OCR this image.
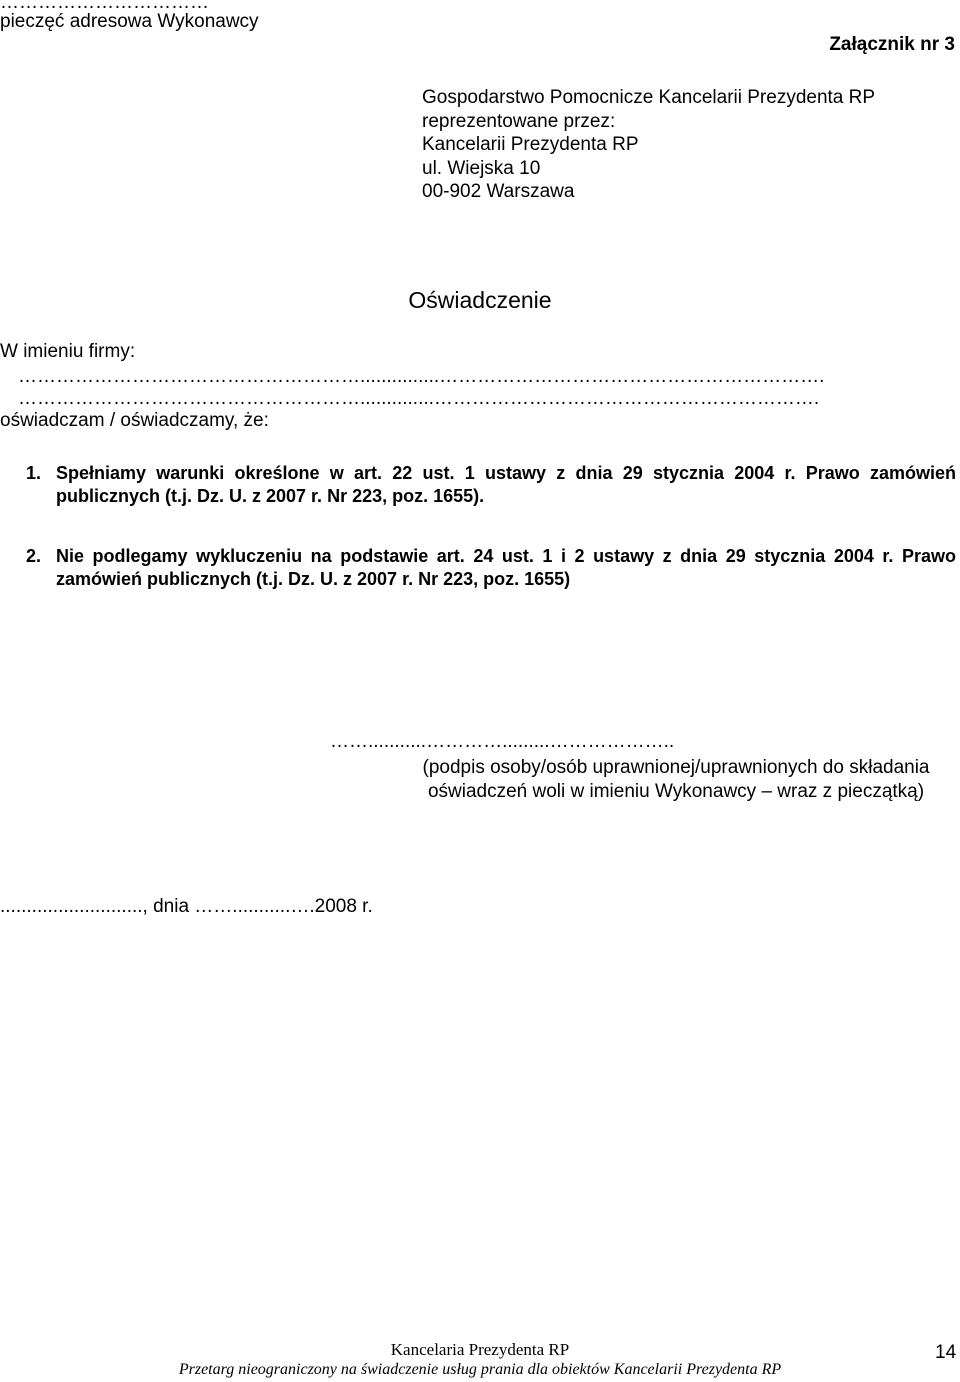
……………………………
pieczęć adresowa Wykonawcy
Załącznik nr 3
Gospodarstwo Pomocnicze Kancelarii Prezydenta RP
reprezentowane przez:
Kancelarii Prezydenta RP
ul. Wiejska 10
00-902 Warszawa
Oświadczenie
W imieniu firmy:
………………………………………………...............…………………………………………………….
………………………………………………..............…………………………………………………….
oświadczam / oświadczamy, że:
1. Spełniamy warunki określone w art. 22 ust. 1 ustawy z dnia 29 stycznia 2004 r. Prawo zamówień publicznych (t.j. Dz. U. z 2007 r. Nr 223, poz. 1655).
2. Nie podlegamy wykluczeniu na podstawie art. 24 ust. 1 i 2 ustawy z dnia 29 stycznia 2004 r. Prawo zamówień publicznych (t.j. Dz. U. z 2007 r. Nr 223, poz. 1655)
……...........………….........………………..
(podpis osoby/osób uprawnionej/uprawnionych do składania
oświadczeń woli w imieniu Wykonawcy – wraz z pieczątką)
..........................., dnia ……...........….2008 r.
Kancelaria Prezydenta RP
Przetarg nieograniczony na świadczenie usług prania dla obiektów Kancelarii Prezydenta RP
14
